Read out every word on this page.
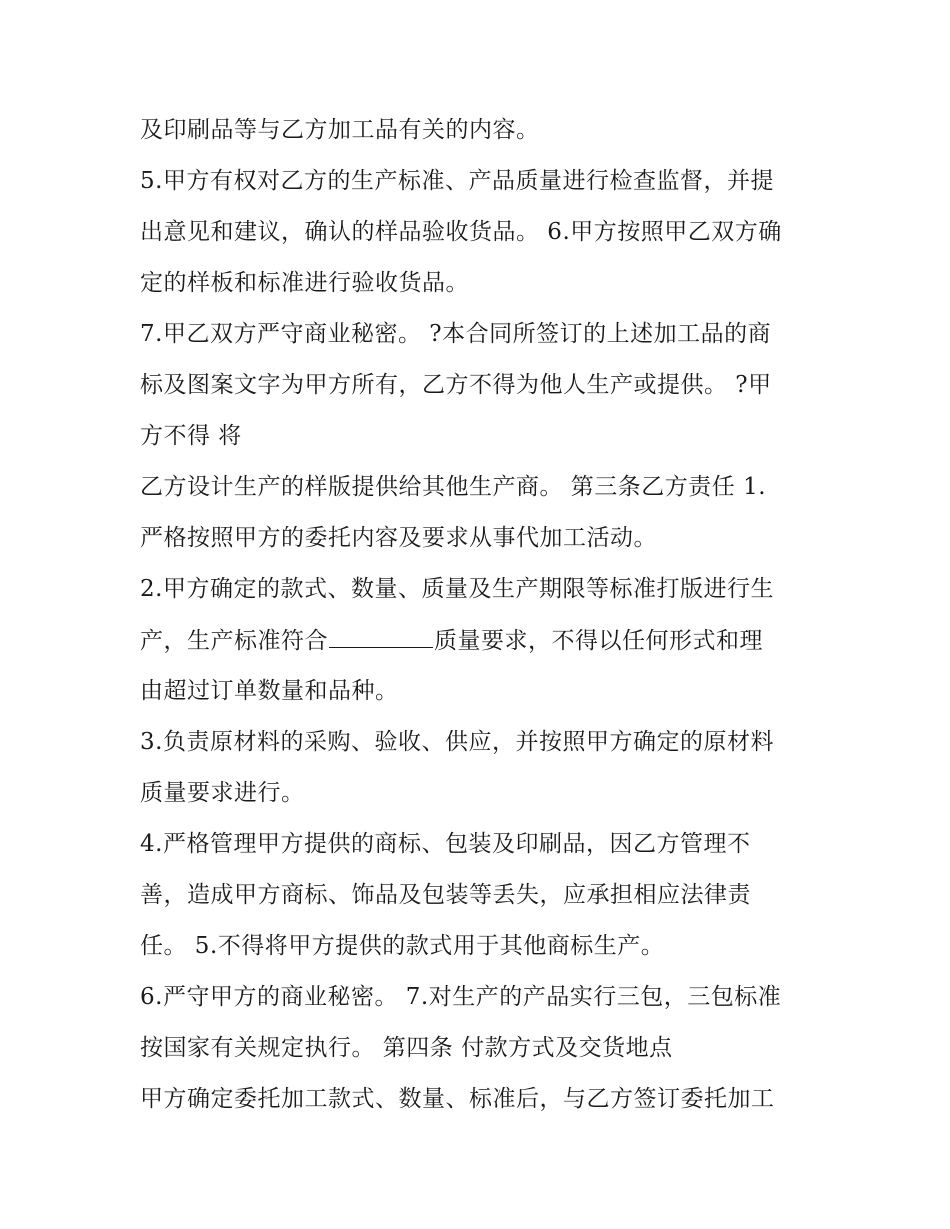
及印刷品等与乙方加工品有关的内容。
5.甲方有权对乙方的生产标准、产品质量进行检查监督，并提
出意见和建议，确认的样品验收货品。 6.甲方按照甲乙双方确
定的样板和标准进行验收货品。
7.甲乙双方严守商业秘密。 ?本合同所签订的上述加工品的商
标及图案文字为甲方所有，乙方不得为他人生产或提供。 ?甲
方不得 将
乙方设计生产的样版提供给其他生产商。 第三条乙方责任 1.
严格按照甲方的委托内容及要求从事代加工活动。
2.甲方确定的款式、数量、质量及生产期限等标准打版进行生
产，生产标准符合	质量要求，不得以任何形式和理
由超过订单数量和品种。
3.负责原材料的采购、验收、供应，并按照甲方确定的原材料
质量要求进行。
4.严格管理甲方提供的商标、包装及印刷品，因乙方管理不
善，造成甲方商标、饰品及包装等丢失，应承担相应法律责
任。 5.不得将甲方提供的款式用于其他商标生产。
6.严守甲方的商业秘密。 7.对生产的产品实行三包，三包标准
按国家有关规定执行。 第四条 付款方式及交货地点
甲方确定委托加工款式、数量、标准后，与乙方签订委托加工
